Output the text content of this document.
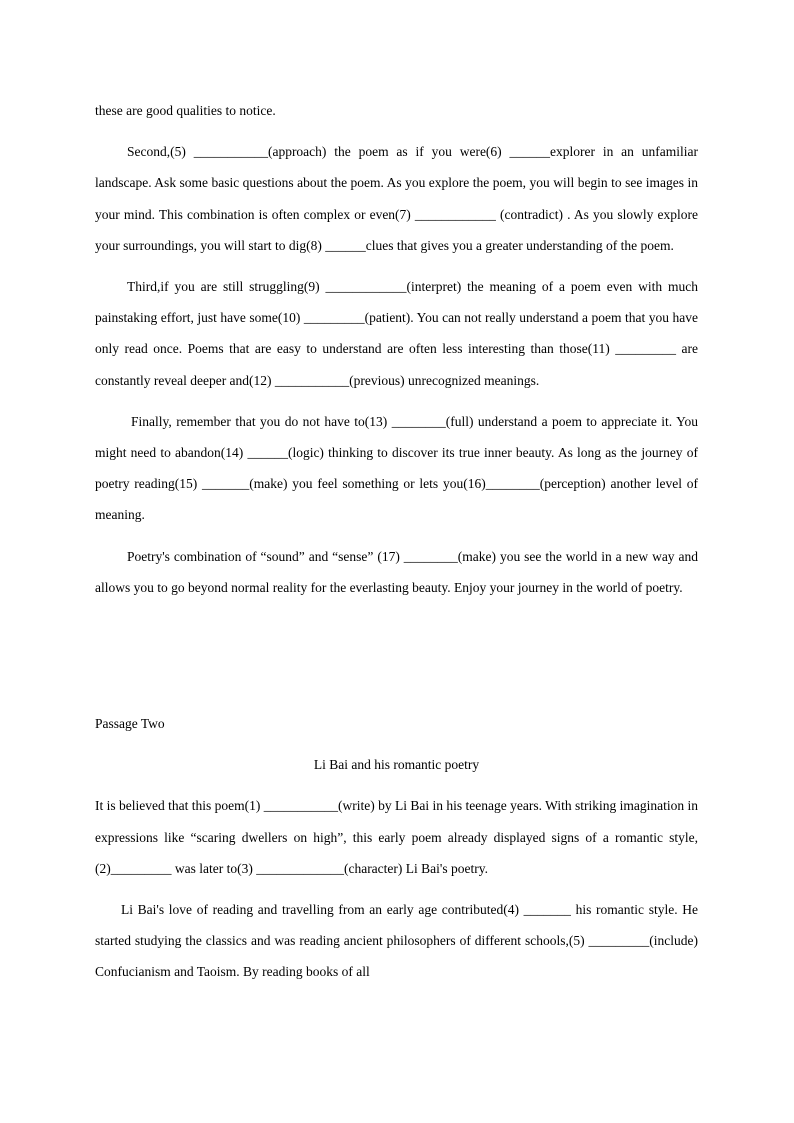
these are good qualities to notice.

Second,(5) ___________(approach) the poem as if you were(6) ______explorer in an unfamiliar landscape. Ask some basic questions about the poem. As you explore the poem, you will begin to see images in your mind. This combination is often complex or even(7) ____________ (contradict) . As you slowly explore your surroundings, you will start to dig(8) ______clues that gives you a greater understanding of the poem.

Third,if you are still struggling(9) ____________(interpret) the meaning of a poem even with much painstaking effort, just have some(10) _________(patient). You can not really understand a poem that you have only read once. Poems that are easy to understand are often less interesting than those(11) _________ are constantly reveal deeper and(12) ___________(previous) unrecognized meanings.

Finally, remember that you do not have to(13) ________(full) understand a poem to appreciate it. You might need to abandon(14) ______(logic) thinking to discover its true inner beauty. As long as the journey of poetry reading(15) _______(make) you feel something or lets you(16)________(perception) another level of meaning.

Poetry's combination of “sound” and “sense” (17) ________(make) you see the world in a new way and allows you to go beyond normal reality for the everlasting beauty. Enjoy your journey in the world of poetry.

Passage Two

Li Bai and his romantic poetry

It is believed that this poem(1) ___________(write) by Li Bai in his teenage years. With striking imagination in expressions like “scaring dwellers on high”, this early poem already displayed signs of a romantic style, (2)_________ was later to(3) _____________(character) Li Bai's poetry.

Li Bai's love of reading and travelling from an early age contributed(4) _______ his romantic style. He started studying the classics and was reading ancient philosophers of different schools,(5) _________(include) Confucianism and Taoism. By reading books of all
